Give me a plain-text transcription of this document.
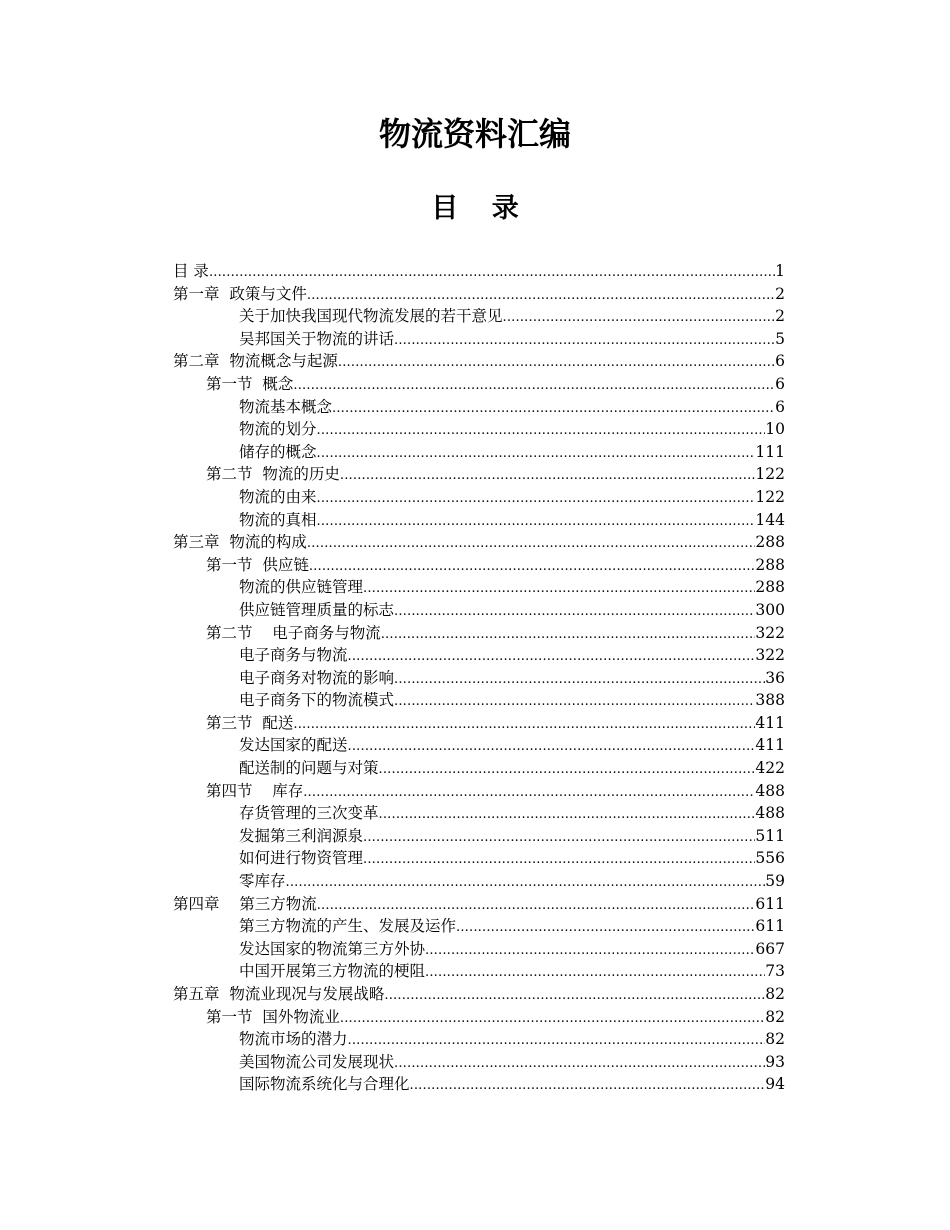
物流资料汇编
目 录
目 录 .....	1
第一章  政策与文件 .....	2
关于加快我国现代物流发展的若干意见 .....	2
吴邦国关于物流的讲话 .....	5
第二章  物流概念与起源 .....	6
第一节  概念 .....	6
物流基本概念 .....	6
物流的划分 .....	10
储存的概念 .....	111
第二节  物流的历史 .....	122
物流的由来 .....	122
物流的真相 .....	144
第三章  物流的构成 .....	288
第一节  供应链 .....	288
物流的供应链管理 .....	288
供应链管理质量的标志 .....	300
第二节    电子商务与物流 .....	322
电子商务与物流 .....	322
电子商务对物流的影响 .....	36
电子商务下的物流模式 .....	388
第三节  配送 .....	411
发达国家的配送 .....	411
配送制的问题与对策 .....	422
第四节    库存 .....	488
存货管理的三次变革 .....	488
发掘第三利润源泉 .....	511
如何进行物资管理 .....	556
零库存 .....	59
第四章    第三方物流 .....	611
第三方物流的产生、发展及运作 .....	611
发达国家的物流第三方外协 .....	667
中国开展第三方物流的梗阻 .....	73
第五章  物流业现况与发展战略 .....	82
第一节  国外物流业 .....	82
物流市场的潜力 .....	82
美国物流公司发展现状 .....	93
国际物流系统化与合理化 .....	94
